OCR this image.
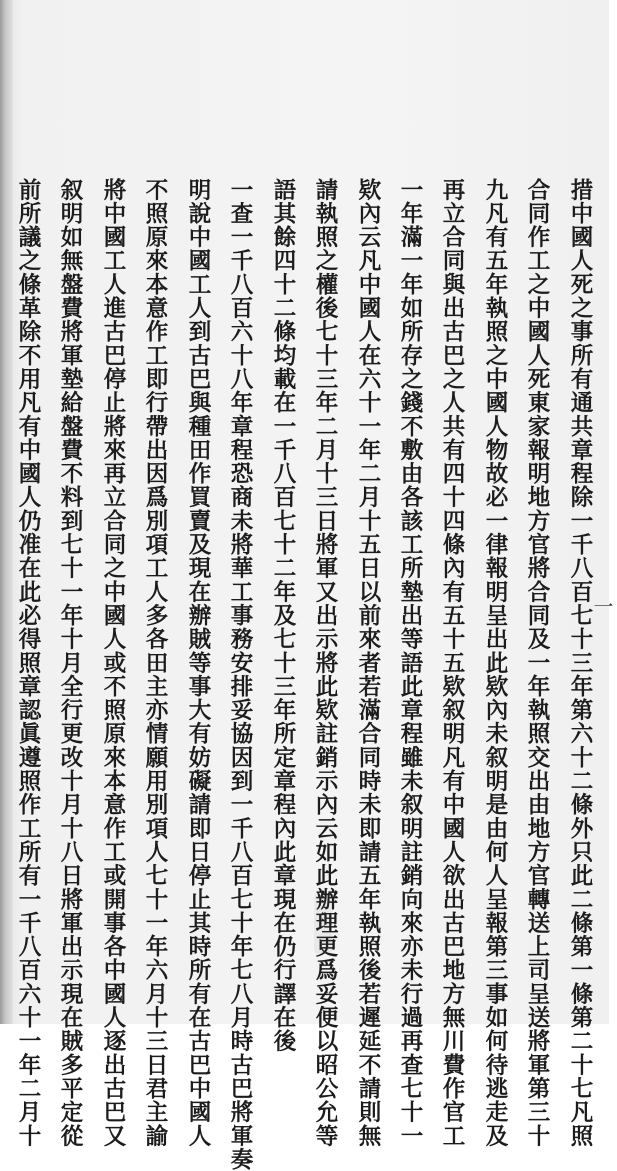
措中國人死之事所有通共章程除一千八百七十三年第六十二條外只此二條第一條第二十七凡照

合同作工之中國人死東家報明地方官將合同及一年執照交出由地方官轉送上司呈送將軍第三十

九凡有五年執照之中國人物故必一律報明呈出此欵內未叙明是由何人呈報第三事如何待逃走及

再立合同與出古巴之人共有四十四條內有五十五欵叙明凡有中國人欲出古巴地方無川費作官工

一年滿一年如所存之錢不敷由各該工所墊出等語此章程雖未叙明註銷向來亦未行過再查七十一

欵內云凡中國人在六十一年二月十五日以前來者若滿合同時未即請五年執照後若遲延不請則無

請執照之權後七十三年二月十三日將軍又出示將此欵註銷示內云如此辦理更爲妥便以昭公允等

語其餘四十二條均載在一千八百七十二年及七十三年所定章程內此章現在仍行譯在後

一查一千八百六十八年章程恐商未將華工事務安排妥協因到一千八百七十年七八月時古巴將軍奏

明說中國工人到古巴與種田作買賣及現在辦賊等事大有妨礙請即日停止其時所有在古巴中國人

不照原來本意作工即行帶出因爲別項工人多各田主亦情願用別項人七十一年六月十三日君主諭

將中國工人進古巴停止將來再立合同之中國人或不照原來本意作工或開事各中國人逐出古巴又

叙明如無盤費將軍墊給盤費不料到七十一年十月全行更改十月十八日將軍出示現在賊多平定從

前所議之條革除不用凡有中國人仍准在此必得照章認眞遵照作工所有一千八百六十一年二月十	一
